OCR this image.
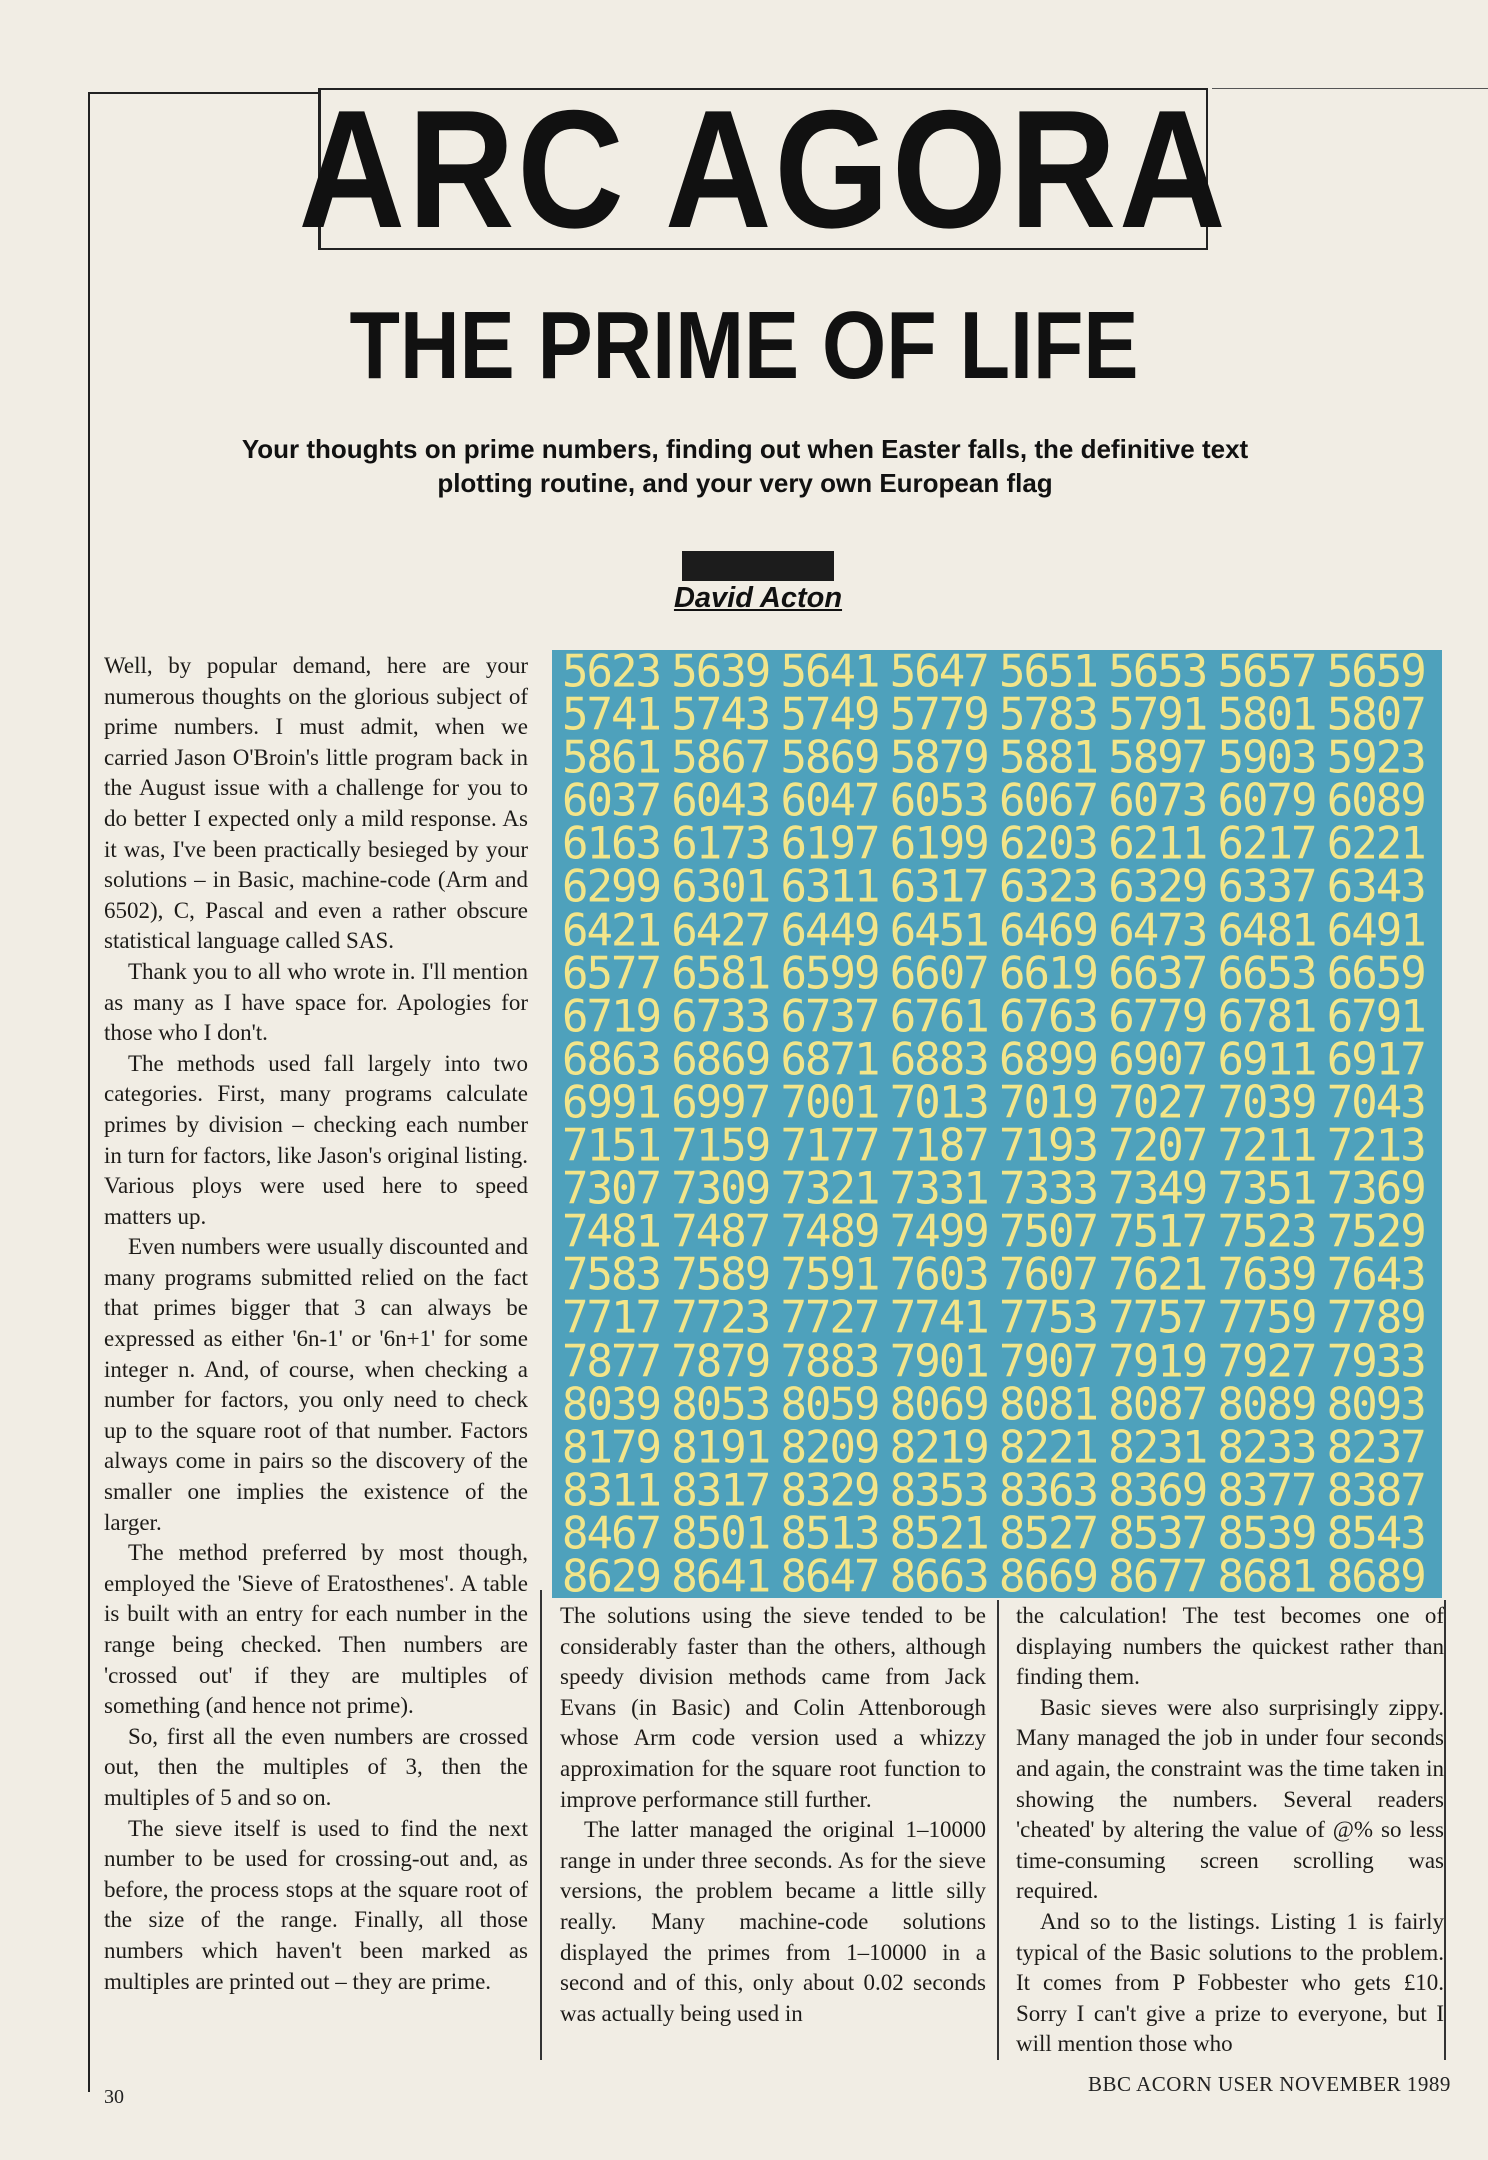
ARC AGORA
THE PRIME OF LIFE
Your thoughts on prime numbers, finding out when Easter falls, the definitive text plotting routine, and your very own European flag
David Acton

Well, by popular demand, here are your numerous thoughts on the glorious subject of prime numbers. I must admit, when we carried Jason O'Broin's little program back in the August issue with a challenge for you to do better I expected only a mild response. As it was, I've been practically besieged by your solutions – in Basic, machine-code (Arm and 6502), C, Pascal and even a rather obscure statistical language called SAS.

Thank you to all who wrote in. I'll mention as many as I have space for. Apologies for those who I don't.

The methods used fall largely into two categories. First, many programs calculate primes by division – checking each number in turn for factors, like Jason's original listing. Various ploys were used here to speed matters up.

Even numbers were usually discounted and many programs submitted relied on the fact that primes bigger that 3 can always be expressed as either '6n-1' or '6n+1' for some integer n. And, of course, when checking a number for factors, you only need to check up to the square root of that number. Factors always come in pairs so the discovery of the smaller one implies the existence of the larger.

The method preferred by most though, employed the 'Sieve of Eratosthenes'. A table is built with an entry for each number in the range being checked. Then numbers are 'crossed out' if they are multiples of something (and hence not prime).

So, first all the even numbers are crossed out, then the multiples of 3, then the multiples of 5 and so on.

The sieve itself is used to find the next number to be used for crossing-out and, as before, the process stops at the square root of the size of the range. Finally, all those numbers which haven't been marked as multiples are printed out – they are prime.

5623 5639 5641 5647 5651 5653 5657 5659
5741 5743 5749 5779 5783 5791 5801 5807
5861 5867 5869 5879 5881 5897 5903 5923
6037 6043 6047 6053 6067 6073 6079 6089
6163 6173 6197 6199 6203 6211 6217 6221
6299 6301 6311 6317 6323 6329 6337 6343
6421 6427 6449 6451 6469 6473 6481 6491
6577 6581 6599 6607 6619 6637 6653 6659
6719 6733 6737 6761 6763 6779 6781 6791
6863 6869 6871 6883 6899 6907 6911 6917
6991 6997 7001 7013 7019 7027 7039 7043
7151 7159 7177 7187 7193 7207 7211 7213
7307 7309 7321 7331 7333 7349 7351 7369
7481 7487 7489 7499 7507 7517 7523 7529
7583 7589 7591 7603 7607 7621 7639 7643
7717 7723 7727 7741 7753 7757 7759 7789
7877 7879 7883 7901 7907 7919 7927 7933
8039 8053 8059 8069 8081 8087 8089 8093
8179 8191 8209 8219 8221 8231 8233 8237
8311 8317 8329 8353 8363 8369 8377 8387
8467 8501 8513 8521 8527 8537 8539 8543
8629 8641 8647 8663 8669 8677 8681 8689

The solutions using the sieve tended to be considerably faster than the others, although speedy division methods came from Jack Evans (in Basic) and Colin Attenborough whose Arm code version used a whizzy approximation for the square root function to improve performance still further.

The latter managed the original 1–10000 range in under three seconds. As for the sieve versions, the problem became a little silly really. Many machine-code solutions displayed the primes from 1–10000 in a second and of this, only about 0.02 seconds was actually being used in

the calculation! The test becomes one of displaying numbers the quickest rather than finding them.

Basic sieves were also surprisingly zippy. Many managed the job in under four seconds and again, the constraint was the time taken in showing the numbers. Several readers 'cheated' by altering the value of @% so less time-consuming screen scrolling was required.

And so to the listings. Listing 1 is fairly typical of the Basic solutions to the problem. It comes from P Fobbester who gets £10. Sorry I can't give a prize to everyone, but I will mention those who

30
BBC ACORN USER NOVEMBER 1989
